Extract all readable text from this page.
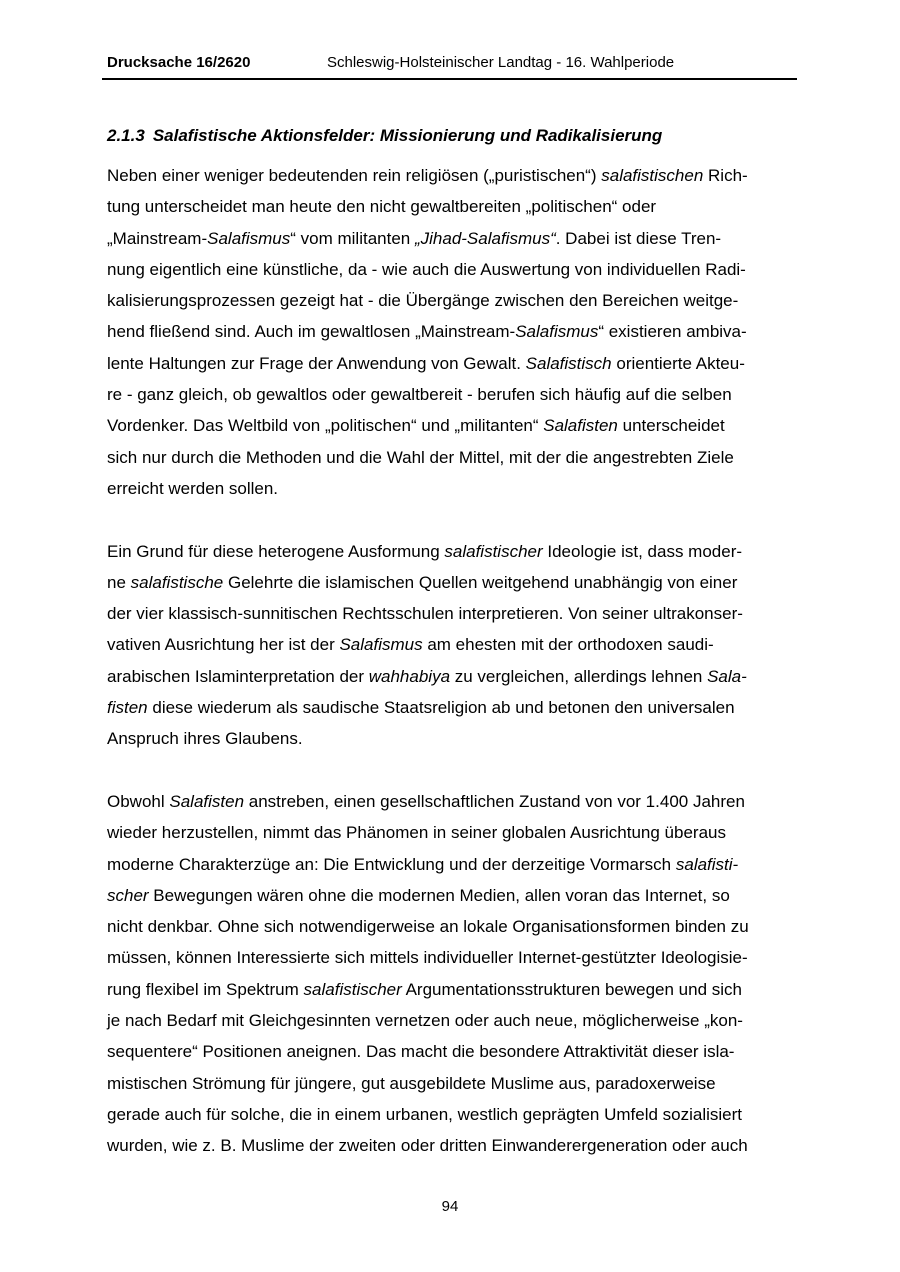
Drucksache 16/2620	Schleswig-Holsteinischer Landtag - 16. Wahlperiode
2.1.3 Salafistische Aktionsfelder: Missionierung und Radikalisierung
Neben einer weniger bedeutenden rein religiösen („puristischen“) salafistischen Rich-
tung unterscheidet man heute den nicht gewaltbereiten „politischen“ oder
„Mainstream-Salafismus“ vom militanten „Jihad-Salafismus“. Dabei ist diese Tren-
nung eigentlich eine künstliche, da - wie auch die Auswertung von individuellen Radi-
kalisierungsprozessen gezeigt hat - die Übergänge zwischen den Bereichen weitge-
hend fließend sind. Auch im gewaltlosen „Mainstream-Salafismus“ existieren ambiva-
lente Haltungen zur Frage der Anwendung von Gewalt. Salafistisch orientierte Akteu-
re - ganz gleich, ob gewaltlos oder gewaltbereit - berufen sich häufig auf die selben
Vordenker. Das Weltbild von „politischen“ und „militanten“ Salafisten unterscheidet
sich nur durch die Methoden und die Wahl der Mittel, mit der die angestrebten Ziele
erreicht werden sollen.
Ein Grund für diese heterogene Ausformung salafistischer Ideologie ist, dass moder-
ne salafistische Gelehrte die islamischen Quellen weitgehend unabhängig von einer
der vier klassisch-sunnitischen Rechtsschulen interpretieren. Von seiner ultrakonser-
vativen Ausrichtung her ist der Salafismus am ehesten mit der orthodoxen saudi-
arabischen Islaminterpretation der wahhabiya zu vergleichen, allerdings lehnen Sala-
fisten diese wiederum als saudische Staatsreligion ab und betonen den universalen
Anspruch ihres Glaubens.
Obwohl Salafisten anstreben, einen gesellschaftlichen Zustand von vor 1.400 Jahren
wieder herzustellen, nimmt das Phänomen in seiner globalen Ausrichtung überaus
moderne Charakterzüge an: Die Entwicklung und der derzeitige Vormarsch salafisti-
scher Bewegungen wären ohne die modernen Medien, allen voran das Internet, so
nicht denkbar. Ohne sich notwendigerweise an lokale Organisationsformen binden zu
müssen, können Interessierte sich mittels individueller Internet-gestützter Ideologisie-
rung flexibel im Spektrum salafistischer Argumentationsstrukturen bewegen und sich
je nach Bedarf mit Gleichgesinnten vernetzen oder auch neue, möglicherweise „kon-
sequentere“ Positionen aneignen. Das macht die besondere Attraktivität dieser isla-
mistischen Strömung für jüngere, gut ausgebildete Muslime aus, paradoxerweise
gerade auch für solche, die in einem urbanen, westlich geprägten Umfeld sozialisiert
wurden, wie z. B. Muslime der zweiten oder dritten Einwanderergeneration oder auch
94
